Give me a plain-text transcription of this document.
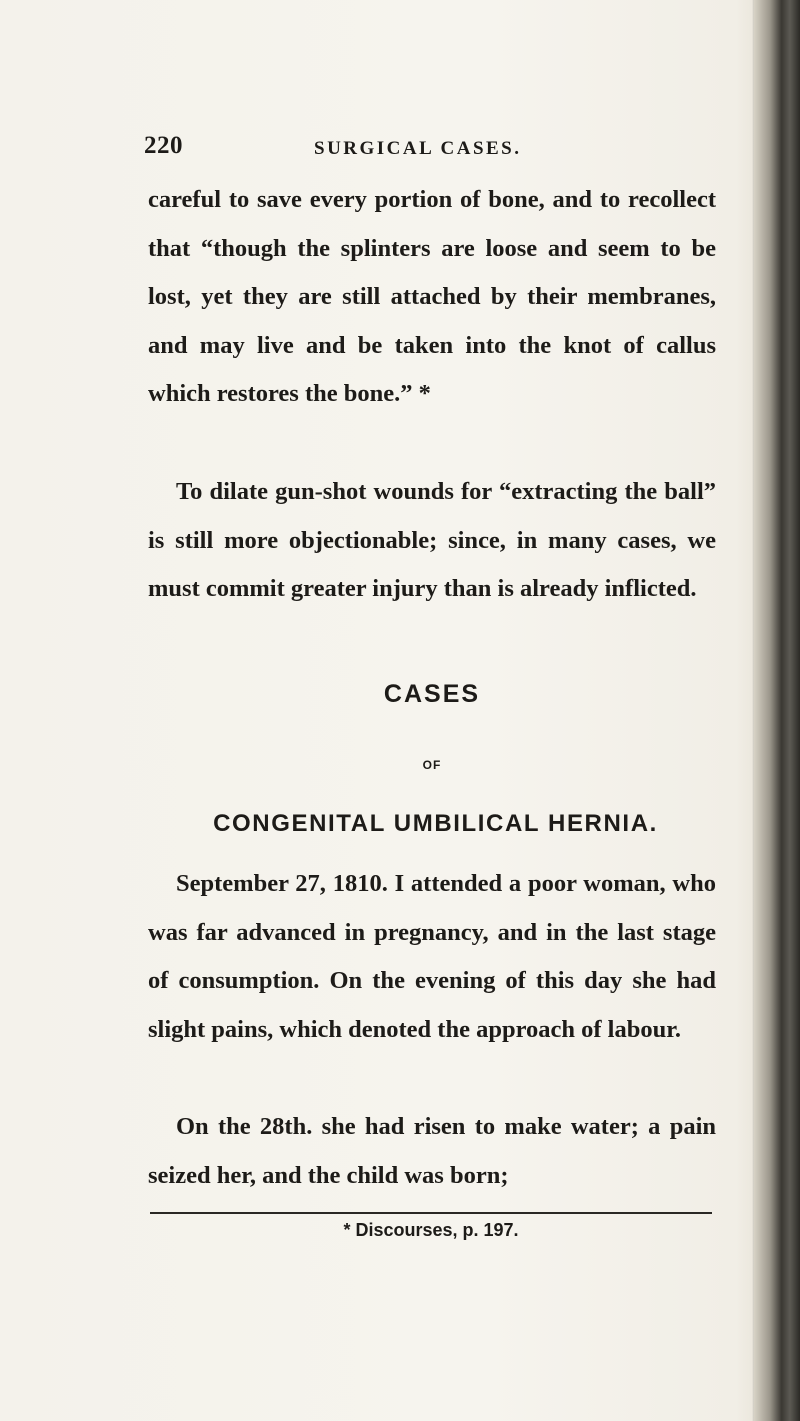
220	SURGICAL CASES.

careful to save every portion of bone, and to recollect that “though the splinters are loose and seem to be lost, yet they are still attached by their membranes, and may live and be taken into the knot of callus which restores the bone.” *

To dilate gun-shot wounds for “extracting the ball” is still more objectionable; since, in many cases, we must commit greater injury than is already inflicted.

CASES
OF
CONGENITAL UMBILICAL HERNIA.

September 27, 1810. I attended a poor woman, who was far advanced in pregnancy, and in the last stage of consumption. On the evening of this day she had slight pains, which denoted the approach of labour.

On the 28th. she had risen to make water; a pain seized her, and the child was born;

* Discourses, p. 197.
